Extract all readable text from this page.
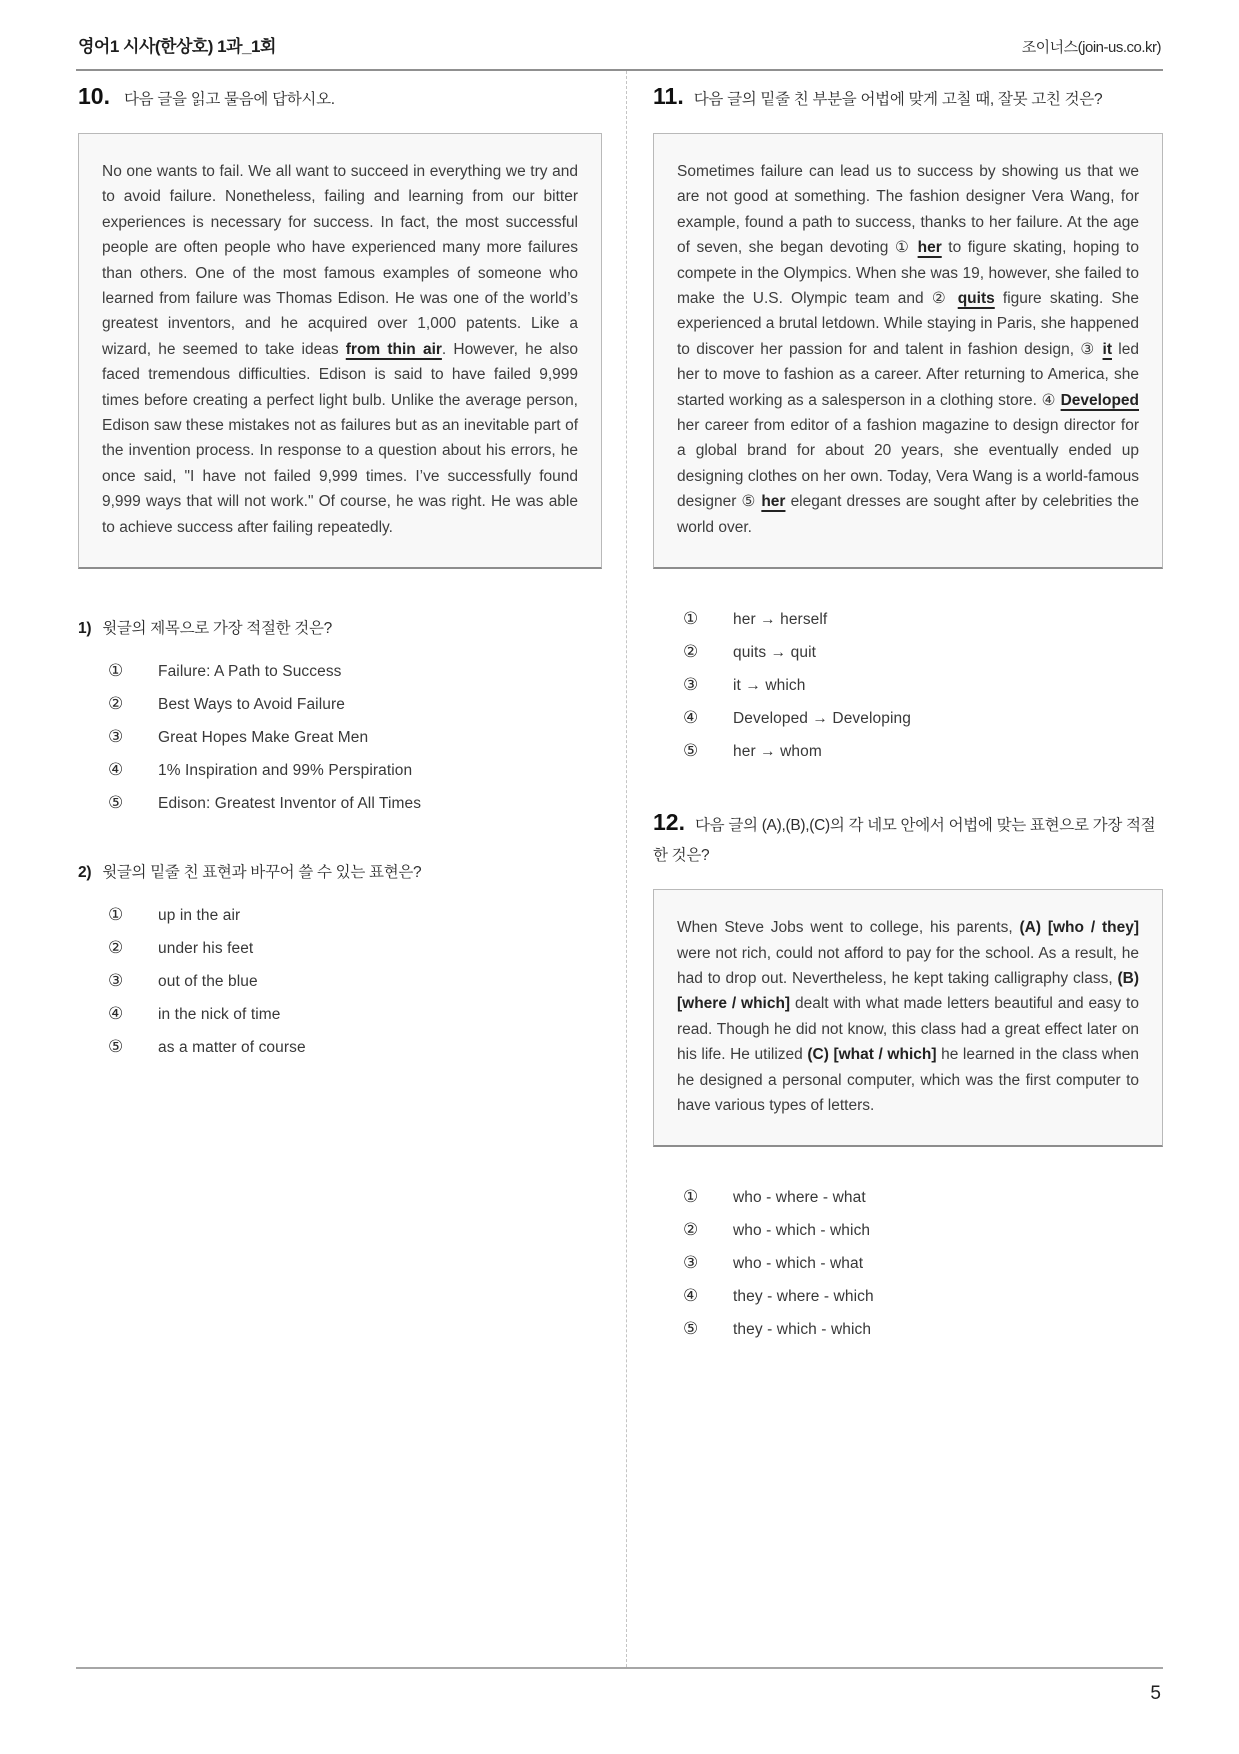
영어1 시사(한상호) 1과_1회	조이너스(join-us.co.kr)
10. 다음 글을 읽고 물음에 답하시오.

No one wants to fail. We all want to succeed in everything we try and to avoid failure. Nonetheless, failing and learning from our bitter experiences is necessary for success. In fact, the most successful people are often people who have experienced many more failures than others. One of the most famous examples of someone who learned from failure was Thomas Edison. He was one of the world’s greatest inventors, and he acquired over 1,000 patents. Like a wizard, he seemed to take ideas from thin air. However, he also faced tremendous difficulties. Edison is said to have failed 9,999 times before creating a perfect light bulb. Unlike the average person, Edison saw these mistakes not as failures but as an inevitable part of the invention process. In response to a question about his errors, he once said, "I have not failed 9,999 times. I’ve successfully found 9,999 ways that will not work." Of course, he was right. He was able to achieve success after failing repeatedly.

1) 윗글의 제목으로 가장 적절한 것은?
①	Failure: A Path to Success
②	Best Ways to Avoid Failure
③	Great Hopes Make Great Men
④	1% Inspiration and 99% Perspiration
⑤	Edison: Greatest Inventor of All Times
2) 윗글의 밑줄 친 표현과 바꾸어 쓸 수 있는 표현은?
①	up in the air
②	under his feet
③	out of the blue
④	in the nick of time
⑤	as a matter of course
11. 다음 글의 밑줄 친 부분을 어법에 맞게 고칠 때, 잘못 고친 것은?

Sometimes failure can lead us to success by showing us that we are not good at something. The fashion designer Vera Wang, for example, found a path to success, thanks to her failure. At the age of seven, she began devoting ① her to figure skating, hoping to compete in the Olympics. When she was 19, however, she failed to make the U.S. Olympic team and ② quits figure skating. She experienced a brutal letdown. While staying in Paris, she happened to discover her passion for and talent in fashion design, ③ it led her to move to fashion as a career. After returning to America, she started working as a salesperson in a clothing store. ④ Developed her career from editor of a fashion magazine to design director for a global brand for about 20 years, she eventually ended up designing clothes on her own. Today, Vera Wang is a world-famous designer ⑤ her elegant dresses are sought after by celebrities the world over.

①	her → herself
②	quits → quit
③	it → which
④	Developed → Developing
⑤	her → whom
12. 다음 글의 (A),(B),(C)의 각 네모 안에서 어법에 맞는 표현으로 가장 적절한 것은?

When Steve Jobs went to college, his parents, (A) [who / they] were not rich, could not afford to pay for the school. As a result, he had to drop out. Nevertheless, he kept taking calligraphy class, (B) [where / which] dealt with what made letters beautiful and easy to read. Though he did not know, this class had a great effect later on his life. He utilized (C) [what / which] he learned in the class when he designed a personal computer, which was the first computer to have various types of letters.

①	who - where - what
②	who - which - which
③	who - which - what
④	they - where - which
⑤	they - which - which
5
